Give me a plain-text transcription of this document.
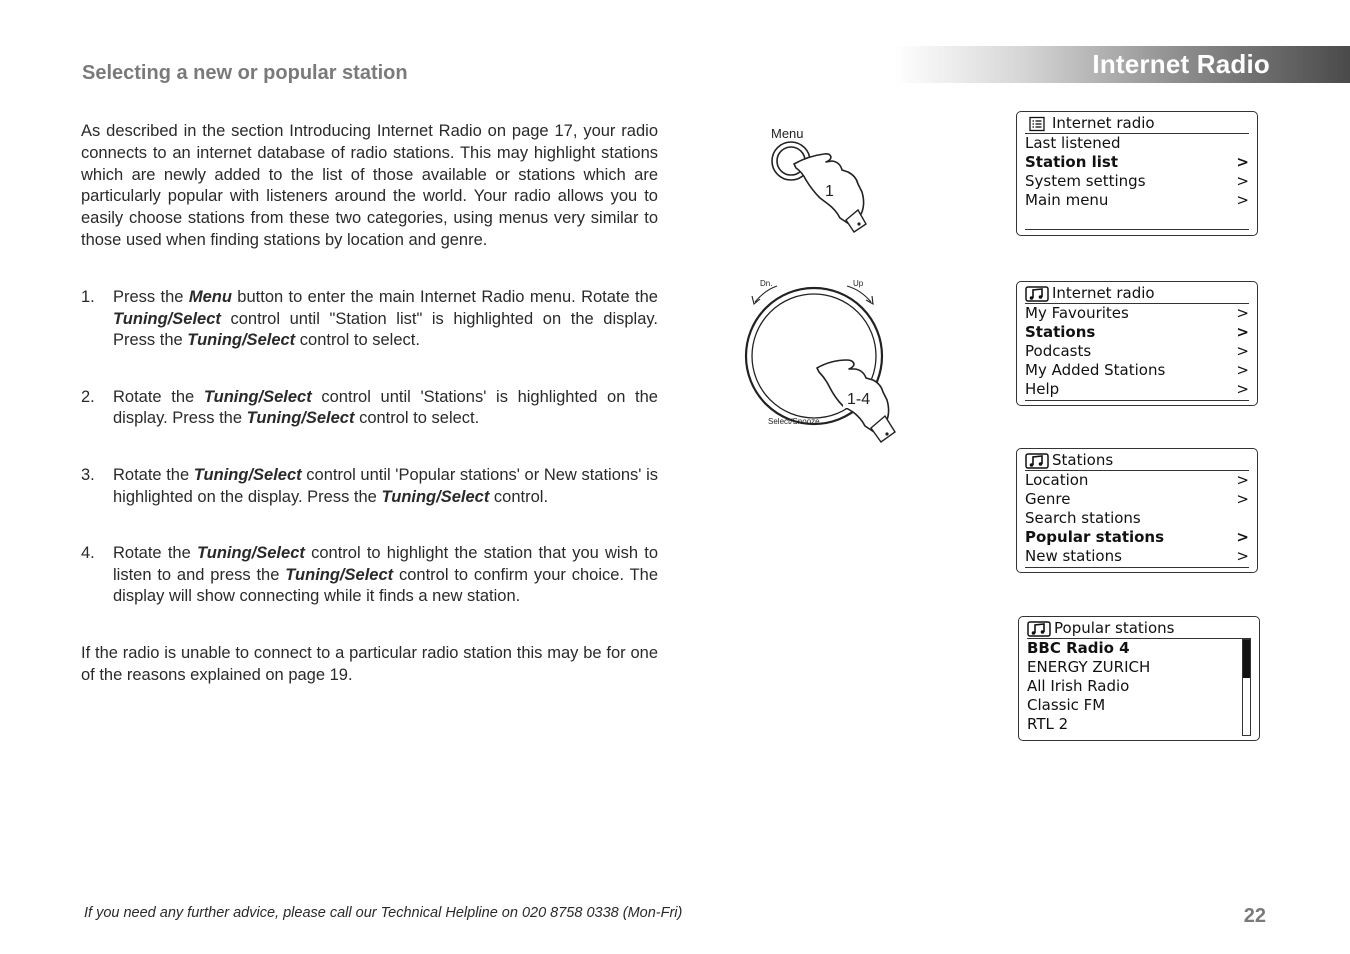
Internet Radio
Selecting a new or popular station

As described in the section Introducing Internet Radio on page 17, your radio connects to an internet database of radio stations. This may highlight stations which are newly added to the list of those available or stations which are particularly popular with listeners around the world. Your radio allows you to easily choose stations from these two categories, using menus very similar to those used when finding stations by location and genre.

1. Press the Menu button to enter the main Internet Radio menu. Rotate the Tuning/Select control until "Station list" is highlighted on the display. Press the Tuning/Select control to select.
2. Rotate the Tuning/Select control until 'Stations' is highlighted on the display. Press the Tuning/Select control to select.
3. Rotate the Tuning/Select control until 'Popular stations' or New stations' is highlighted on the display. Press the Tuning/Select control.
4. Rotate the Tuning/Select control to highlight the station that you wish to listen to and press the Tuning/Select control to confirm your choice. The display will show connecting while it finds a new station.

If the radio is unable to connect to a particular radio station this may be for one of the reasons explained on page 19.

Menu
1
Dn.	Up
1-4
Select/Snooze
Internet radio
Last listened
Station list	>
System settings	>
Main menu	>
Internet radio
My Favourites	>
Stations	>
Podcasts	>
My Added Stations	>
Help	>
Stations
Location	>
Genre	>
Search stations
Popular stations	>
New stations	>
Popular stations
BBC Radio 4
ENERGY ZURICH
All Irish Radio
Classic FM
RTL 2
If you need any further advice, please call our Technical Helpline on 020 8758 0338 (Mon-Fri)	22
